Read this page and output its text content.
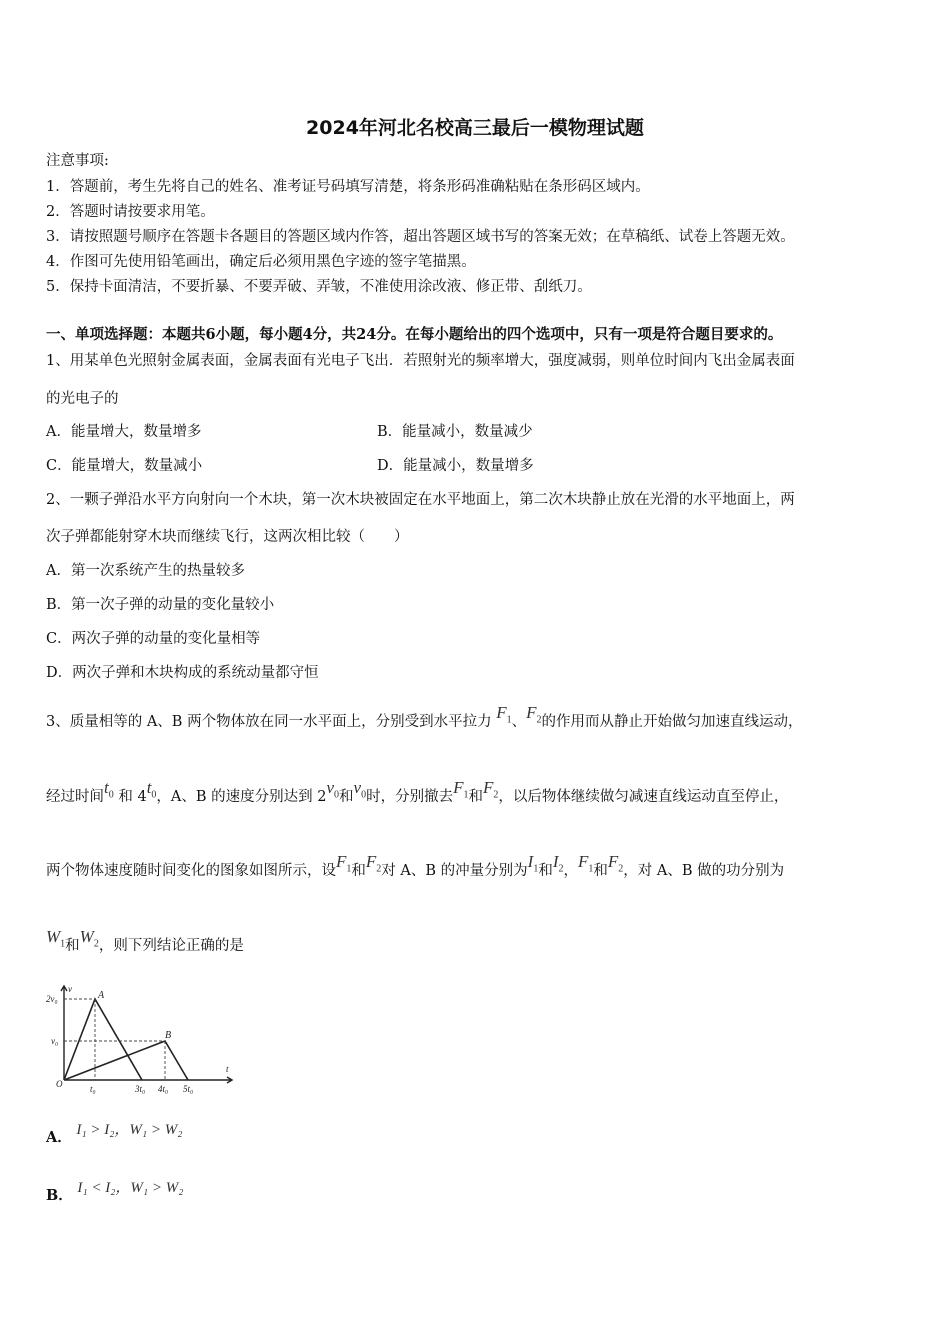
2024年河北名校高三最后一模物理试题
注意事项:
1．答题前，考生先将自己的姓名、准考证号码填写清楚，将条形码准确粘贴在条形码区域内。
2．答题时请按要求用笔。
3．请按照题号顺序在答题卡各题目的答题区域内作答，超出答题区域书写的答案无效；在草稿纸、试卷上答题无效。
4．作图可先使用铅笔画出，确定后必须用黑色字迹的签字笔描黑。
5．保持卡面清洁，不要折暴、不要弄破、弄皱，不准使用涂改液、修正带、刮纸刀。
一、单项选择题：本题共6小题，每小题4分，共24分。在每小题给出的四个选项中，只有一项是符合题目要求的。
1、用某单色光照射金属表面，金属表面有光电子飞出．若照射光的频率增大，强度减弱，则单位时间内飞出金属表面
的光电子的
A．能量增大，数量增多	B．能量减小，数量减少
C．能量增大，数量减小	D．能量减小，数量增多
2、一颗子弹沿水平方向射向一个木块，第一次木块被固定在水平地面上，第二次木块静止放在光滑的水平地面上，两
次子弹都能射穿木块而继续飞行，这两次相比较（　　）
A．第一次系统产生的热量较多
B．第一次子弹的动量的变化量较小
C．两次子弹的动量的变化量相等
D．两次子弹和木块构成的系统动量都守恒
3、质量相等的 A、B 两个物体放在同一水平面上，分别受到水平拉力 $F_1$、$F_2$的作用而从静止开始做匀加速直线运动，
经过时间$t_0$ 和 $4t_0$，A、B 的速度分别达到 $2v_0$和$v_0$时，分别撤去$F_1$和$F_2$，以后物体继续做匀减速直线运动直至停止，
两个物体速度随时间变化的图象如图所示，设$F_1$和$F_2$对 A、B 的冲量分别为$I_1$和$I_2$，$F_1$和$F_2$，对 A、B 做的功分别为
$W_1$和$W_2$，则下列结论正确的是
v
t
O
2v₀
v₀
t₀	3t₀ 4t₀ 5t₀
A
B
A． I₁ > I₂，W₁ > W₂
B． I₁ < I₂，W₁ > W₂
